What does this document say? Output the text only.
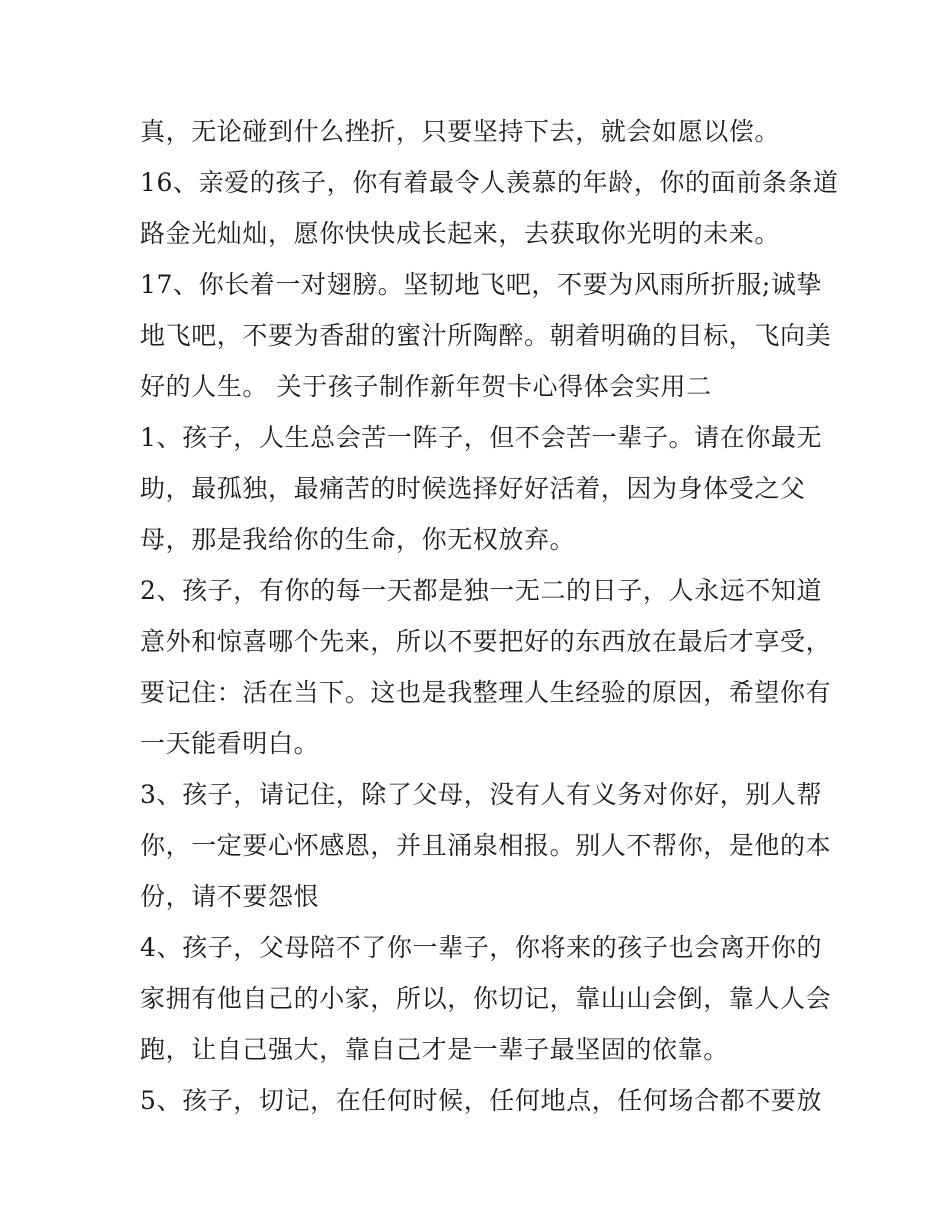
真，无论碰到什么挫折，只要坚持下去，就会如愿以偿。
16、亲爱的孩子，你有着最令人羡慕的年龄，你的面前条条道
路金光灿灿，愿你快快成长起来，去获取你光明的未来。
17、你长着一对翅膀。坚韧地飞吧，不要为风雨所折服;诚挚
地飞吧，不要为香甜的蜜汁所陶醉。朝着明确的目标，飞向美
好的人生。 关于孩子制作新年贺卡心得体会实用二
1、孩子，人生总会苦一阵子，但不会苦一辈子。请在你最无
助，最孤独，最痛苦的时候选择好好活着，因为身体受之父
母，那是我给你的生命，你无权放弃。
2、孩子，有你的每一天都是独一无二的日子，人永远不知道
意外和惊喜哪个先来，所以不要把好的东西放在最后才享受，
要记住：活在当下。这也是我整理人生经验的原因，希望你有
一天能看明白。
3、孩子，请记住，除了父母，没有人有义务对你好，别人帮
你，一定要心怀感恩，并且涌泉相报。别人不帮你，是他的本
份，请不要怨恨
4、孩子，父母陪不了你一辈子，你将来的孩子也会离开你的
家拥有他自己的小家，所以，你切记，靠山山会倒，靠人人会
跑，让自己强大，靠自己才是一辈子最坚固的依靠。
5、孩子，切记，在任何时候，任何地点，任何场合都不要放
